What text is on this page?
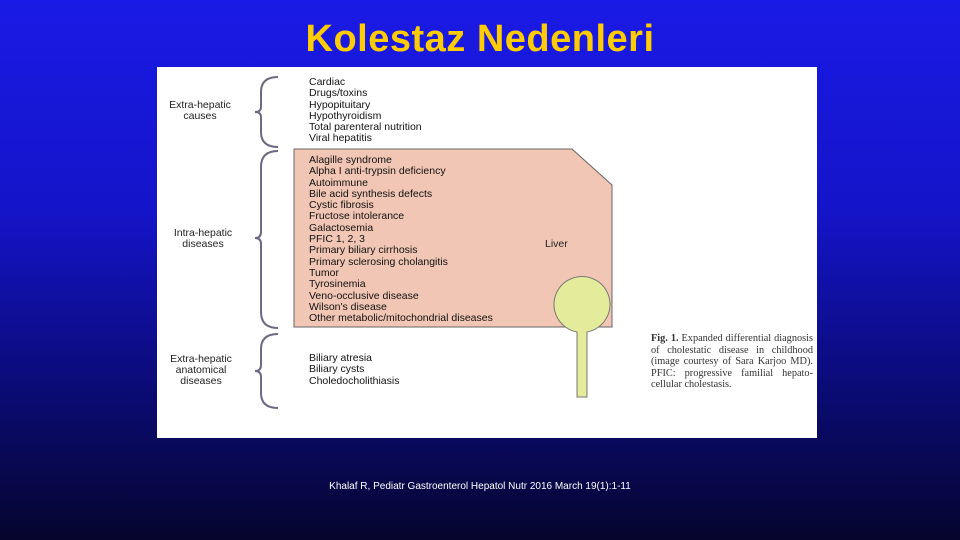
Kolestaz Nedenleri
Extra-hepatic causes
Intra-hepatic diseases
Extra-hepatic anatomical diseases
Cardiac
Drugs/toxins
Hypopituitary
Hypothyroidism
Total parenteral nutrition
Viral hepatitis
Alagille syndrome
Alpha I anti-trypsin deficiency
Autoimmune
Bile acid synthesis defects
Cystic fibrosis
Fructose intolerance
Galactosemia
PFIC 1, 2, 3
Primary biliary cirrhosis
Primary sclerosing cholangitis
Tumor
Tyrosinemia
Veno-occlusive disease
Wilson's disease
Other metabolic/mitochondrial diseases
Biliary atresia
Biliary cysts
Choledocholithiasis
Liver
Fig. 1. Expanded differential diagnosis of cholestatic disease in childhood (image courtesy of Sara Karjoo MD). PFIC: progressive familial hepato-cellular cholestasis.
Khalaf R, Pediatr Gastroenterol Hepatol Nutr 2016 March 19(1):1-11
